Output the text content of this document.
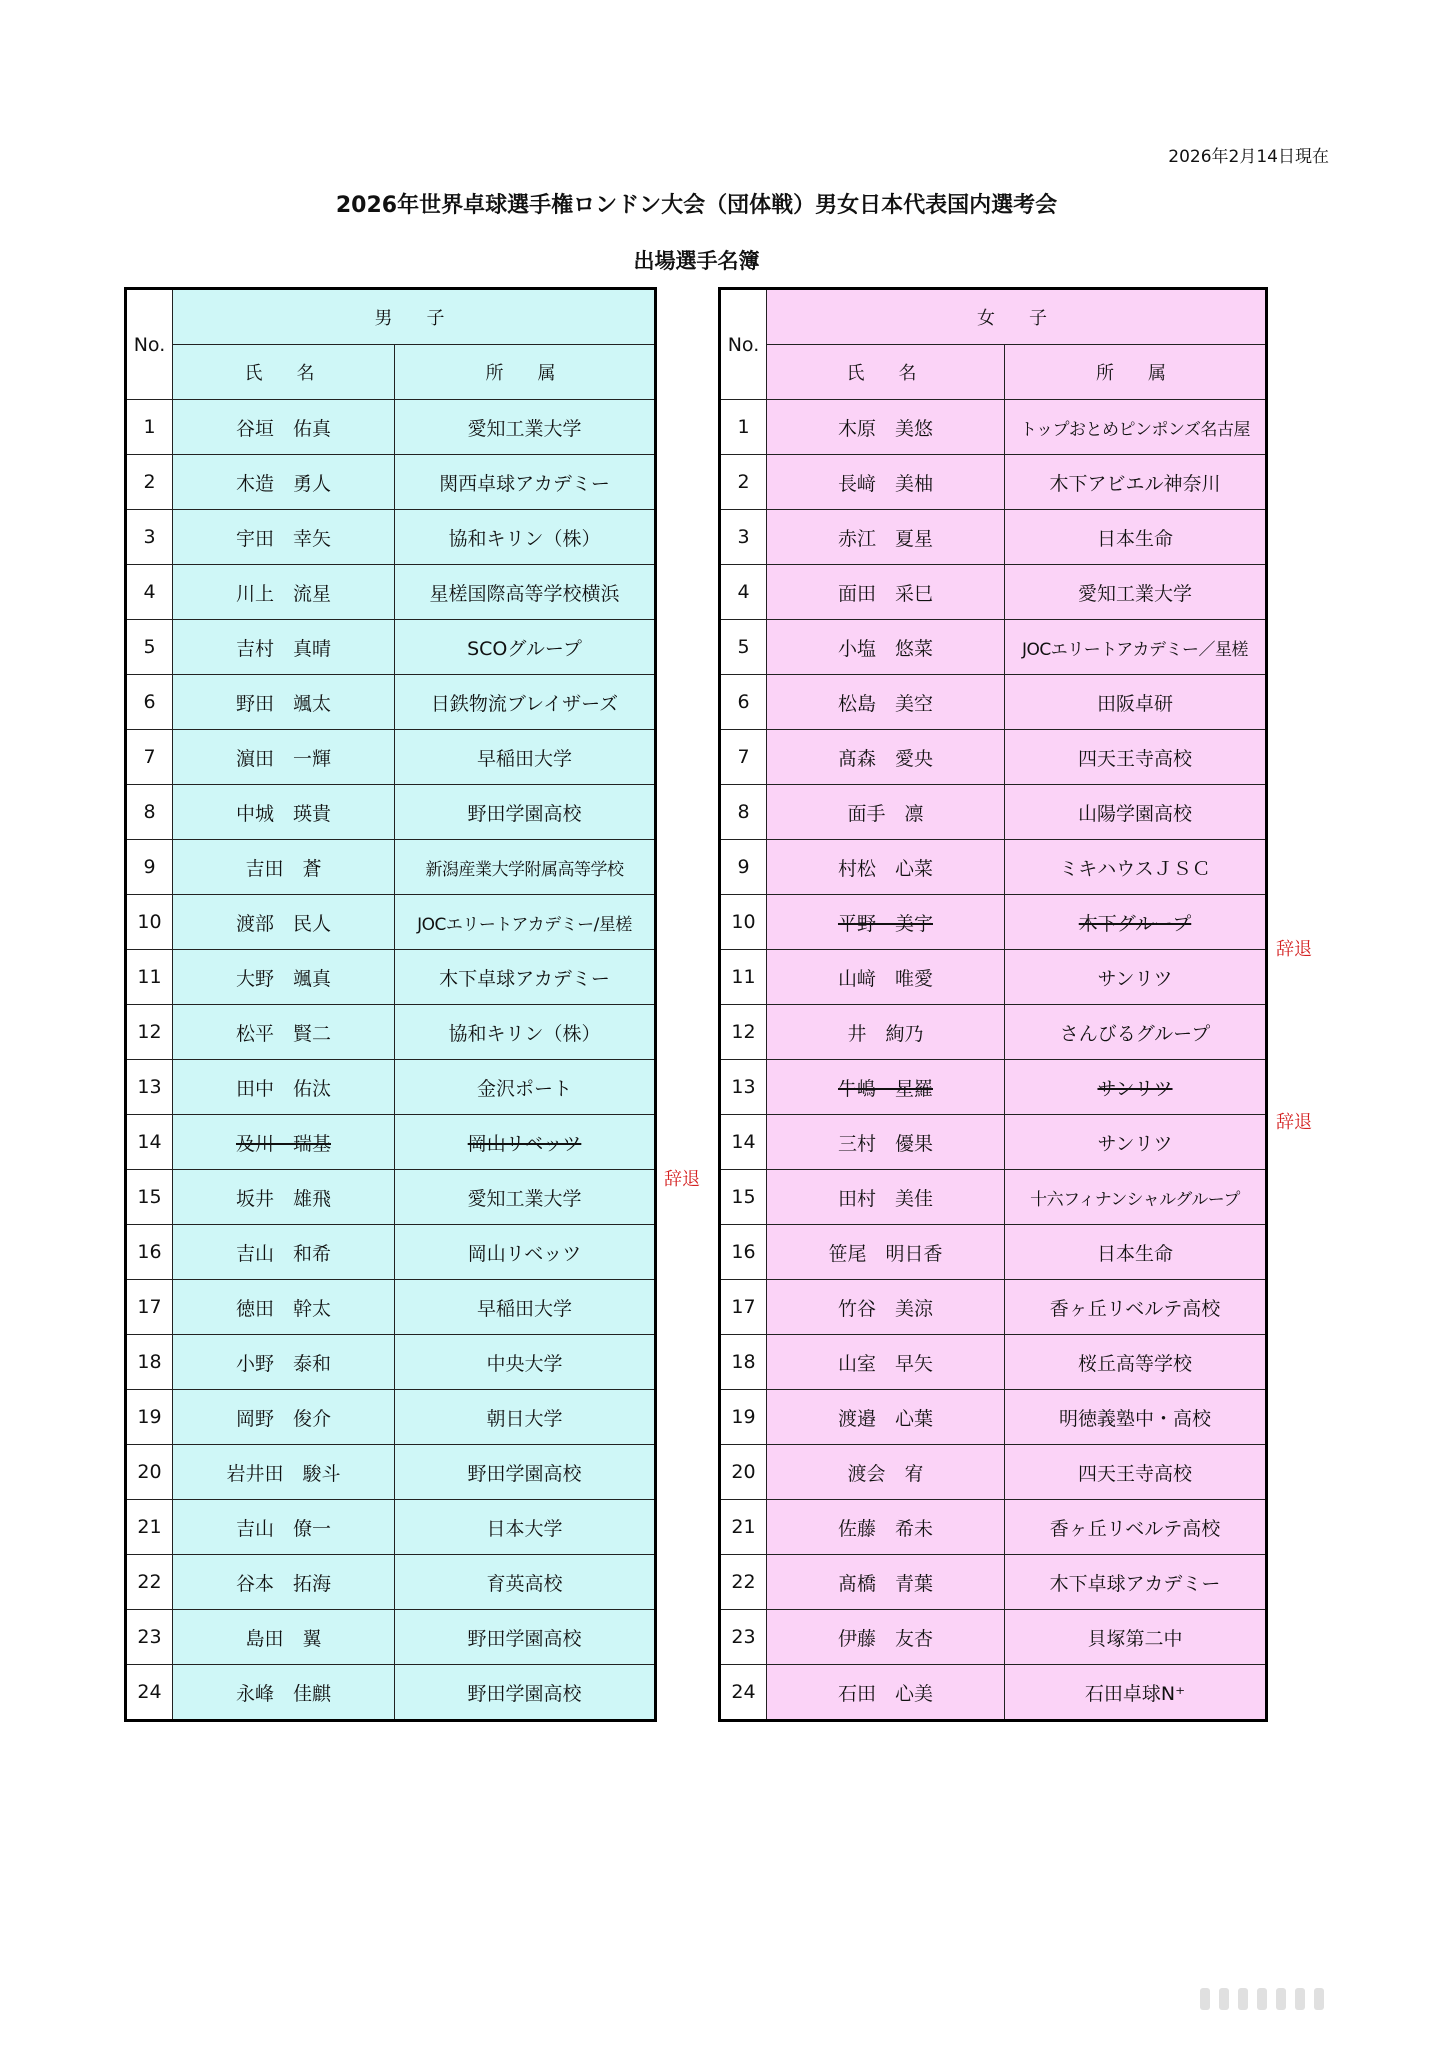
2026年2月14日現在
2026年世界卓球選手権ロンドン大会（団体戦）男女日本代表国内選考会
出場選手名簿
No.	男　子	
	氏　名	所　属
1	谷垣　佑真	愛知工業大学
2	木造　勇人	関西卓球アカデミー
3	宇田　幸矢	協和キリン（株）
4	川上　流星	星槎国際高等学校横浜
5	吉村　真晴	SCOグループ
6	野田　颯太	日鉄物流ブレイザーズ
7	濵田　一輝	早稲田大学
8	中城　瑛貴	野田学園高校
9	吉田　蒼	新潟産業大学附属高等学校
10	渡部　民人	JOCエリートアカデミー/星槎
11	大野　颯真	木下卓球アカデミー
12	松平　賢二	協和キリン（株）
13	田中　佑汰	金沢ポート
14	及川　瑞基	岡山リベッツ
15	坂井　雄飛	愛知工業大学
16	吉山　和希	岡山リベッツ
17	徳田　幹太	早稲田大学
18	小野　泰和	中央大学
19	岡野　俊介	朝日大学
20	岩井田　駿斗	野田学園高校
21	吉山　僚一	日本大学
22	谷本　拓海	育英高校
23	島田　翼	野田学園高校
24	永峰　佳麒	野田学園高校
No.	女　子	
	氏　名	所　属
1	木原　美悠	トップおとめピンポンズ名古屋
2	長﨑　美柚	木下アビエル神奈川
3	赤江　夏星	日本生命
4	面田　采巳	愛知工業大学
5	小塩　悠菜	JOCエリートアカデミー／星槎
6	松島　美空	田阪卓研
7	髙森　愛央	四天王寺高校
8	面手　凛	山陽学園高校
9	村松　心菜	ミキハウスＪＳＣ
10	平野　美宇	木下グループ
11	山﨑　唯愛	サンリツ
12	井　絢乃	さんびるグループ
13	牛嶋　星羅	サンリツ
14	三村　優果	サンリツ
15	田村　美佳	十六フィナンシャルグループ
16	笹尾　明日香	日本生命
17	竹谷　美涼	香ヶ丘リベルテ高校
18	山室　早矢	桜丘高等学校
19	渡邉　心葉	明徳義塾中・高校
20	渡会　宥	四天王寺高校
21	佐藤　希未	香ヶ丘リベルテ高校
22	髙橋　青葉	木下卓球アカデミー
23	伊藤　友杏	貝塚第二中
24	石田　心美	石田卓球N⁺
辞退
辞退
辞退
